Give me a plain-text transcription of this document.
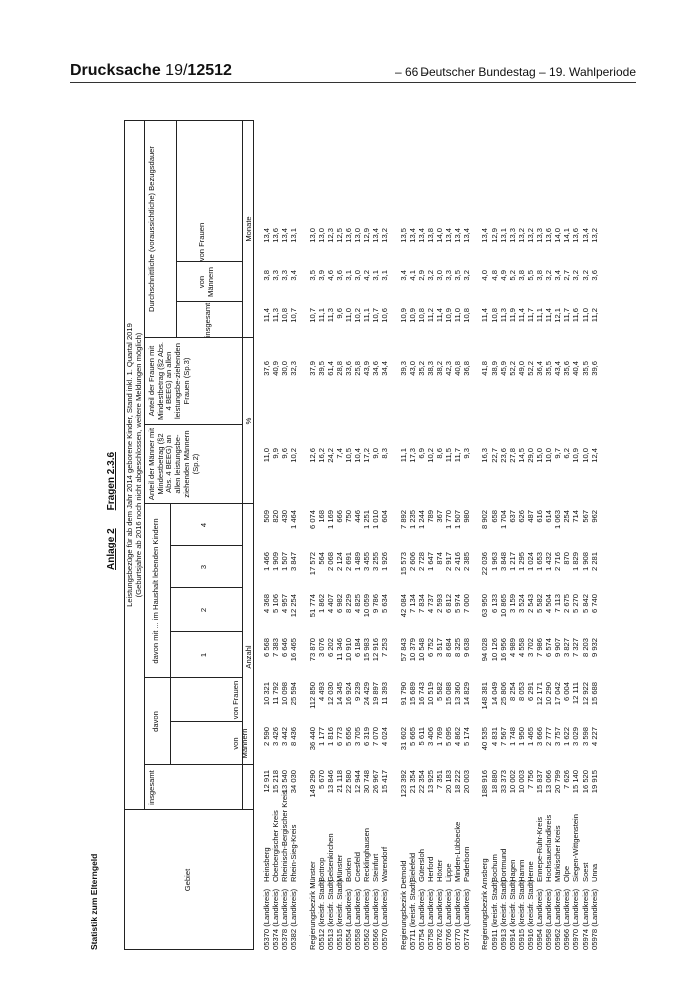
Drucksache 19/12512	– 66 –
Deutscher Bundestag – 19. Wahlperiode
Statistik zum Elterngeld
Anlage 2Fragen 2.3.6
Gebiet
Leistungsbezüge für ab dem Jahr 2014 geborene Kinder, Stand inkl. 1. Quartal 2019 (Geburtsjahre ab 2016 noch nicht abgeschlossen, weitere Meldungen möglich)
insgesamt
davon
von Männern
von Frauen
davon mit ... im Haushalt lebenden Kindern	1
2
3
4
Anteil der Männer mit Mindestbetrag (§2 Abs. 4 BEEG) an allen leistungsbe-ziehenden Männern (Sp.2)
Anteil der Frauen mit Mindestbetrag (§2 Abs. 4 BEEG) an allen leistungsbe-ziehenden Frauen (Sp.3)
Durchschnittliche (voraussichtliche) Bezugsdauer
insgesamt
von Männern
von Frauen
Anzahl
%
Monate
05370 (Landkreis)
Heinsberg
12 911
2 590
10 321
6 568
4 368
1 466
509
11,0
37,6
11,4
3,8
13,4
05374 (Landkreis)
Oberbergischer Kreis
15 218
3 426
11 792
7 383
5 106
1 909
820
9,9
40,9
11,3
3,3
13,6
05378 (Landkreis)
Rheinisch-Bergischer Kreis
13 540
3 442
10 098
6 646
4 957
1 507
430
9,6
30,0
10,8
3,3
13,4
05382 (Landkreis)
Rhein-Sieg-Kreis
34 030
8 436
25 594
16 465
12 254
3 847
1 464
10,2
32,3
10,7
3,4
13,1
Regierungsbezirk Münster
149 290
36 440
112 850
73 870
51 774
17 572
6 074
12,6
37,9
10,7
3,5
13,0
05512 (kreisfr. Stadt)
Bottrop
5 670
1 177
4 493
3 076
1 862
564
168
16,2
39,5
11,1
3,9
13,0
05513 (kreisfr. Stadt)
Gelsenkirchen
13 846
1 816
12 030
6 202
4 407
2 068
1 169
24,2
61,4
11,3
4,6
12,3
05515 (kreisfr. Stadt)
Münster
21 118
6 773
14 345
11 346
6 982
2 124
666
7,4
28,8
9,6
3,6
12,5
05554 (Landkreis)
Borken
22 580
5 656
16 924
10 910
8 229
2 691
750
10,5
33,6
11,0
3,1
13,6
05558 (Landkreis)
Coesfeld
12 944
3 705
9 239
6 184
4 825
1 489
446
10,4
25,8
10,2
3,0
13,0
05562 (Landkreis)
Recklinghausen
30 748
6 319
24 429
15 983
10 059
3 455
1 251
17,2
43,9
11,1
4,2
12,9
05566 (Landkreis)
Steinfurt
26 967
7 070
19 897
12 916
9 786
3 255
1 010
9,0
34,6
10,7
3,1
13,4
05570 (Landkreis)
Warendorf
15 417
4 024
11 393
7 253
5 634
1 926
604
8,3
34,4
10,6
3,1
13,2
Regierungsbezirk Detmold
123 392
31 602
91 790
57 843
42 084
15 573
7 892
11,1
39,3
10,9
3,4
13,5
05711 (kreisfr. Stadt)
Bielefeld
21 354
5 665
15 689
10 379
7 134
2 606
1 235
17,3
43,0
10,9
4,1
13,4
05754 (Landkreis)
Gütersloh
22 354
5 611
16 743
10 548
7 834
2 728
1 244
6,9
35,2
10,8
2,9
13,4
05758 (Landkreis)
Herford
13 925
3 406
10 519
6 752
4 737
1 647
789
10,2
38,3
11,2
3,2
13,8
05762 (Landkreis)
Höxter
7 351
1 769
5 582
3 517
2 593
874
367
8,6
38,2
11,4
3,0
14,0
05766 (Landkreis)
Lippe
20 183
5 095
15 088
8 684
6 812
2 917
1 770
11,5
42,3
10,9
3,3
13,4
05770 (Landkreis)
Minden-Lübbecke
18 222
4 862
13 360
8 325
5 974
2 416
1 507
11,7
40,8
11,0
3,5
13,4
05774 (Landkreis)
Paderborn
20 003
5 174
14 829
9 638
7 000
2 385
980
9,3
36,8
10,8
3,2
13,4
Regierungsbezirk Arnsberg
188 916
40 535
148 381
94 028
63 950
22 036
8 902
16,3
41,8
11,4
4,0
13,4
05911 (kreisfr. Stadt)
Bochum
18 880
4 831
14 049
10 126
6 133
1 963
658
22,7
38,9
10,8
4,8
12,9
05913 (kreisfr. Stadt)
Dortmund
33 373
7 567
25 806
16 956
10 865
3 848
1 704
23,6
45,9
11,3
4,9
13,1
05914 (kreisfr. Stadt)
Hagen
10 002
1 748
8 254
4 989
3 159
1 217
637
27,8
52,2
11,9
5,2
13,3
05915 (kreisfr. Stadt)
Hamm
10 003
1 950
8 053
4 558
3 524
1 295
626
14,5
49,0
11,4
3,8
13,2
05916 (kreisfr. Stadt)
Herne
7 756
1 465
6 291
3 702
2 543
1 024
487
29,0
52,2
11,7
5,5
13,2
05954 (Landkreis)
Ennepe-Ruhr-Kreis
15 837
3 666
12 171
7 986
5 582
1 653
616
15,0
36,4
11,1
3,8
13,3
05958 (Landkreis)
Hochsauerlandkreis
13 066
2 777
10 290
6 574
4 504
1 432
614
10,0
35,5
11,4
3,2
13,6
05962 (Landkreis)
Märkischer Kreis
20 799
3 757
17 042
9 907
7 113
2 716
1 063
9,7
43,4
12,1
3,4
14,0
05966 (Landkreis)
Olpe
7 626
1 622
6 004
3 827
2 675
870
254
6,2
35,6
11,7
2,7
14,1
05970 (Landkreis)
Siegen-Wittgenstein
15 140
3 029
12 111
7 327
5 270
1 829
714
10,9
40,4
11,6
3,2
13,6
05974 (Landkreis)
Soest
16 520
3 598
12 922
8 203
5 842
1 908
567
10,0
35,5
11,0
3,2
13,4
05978 (Landkreis)
Unna
19 915
4 227
15 688
9 932
6 740
2 281
962
12,4
39,6
11,2
3,6
13,2
